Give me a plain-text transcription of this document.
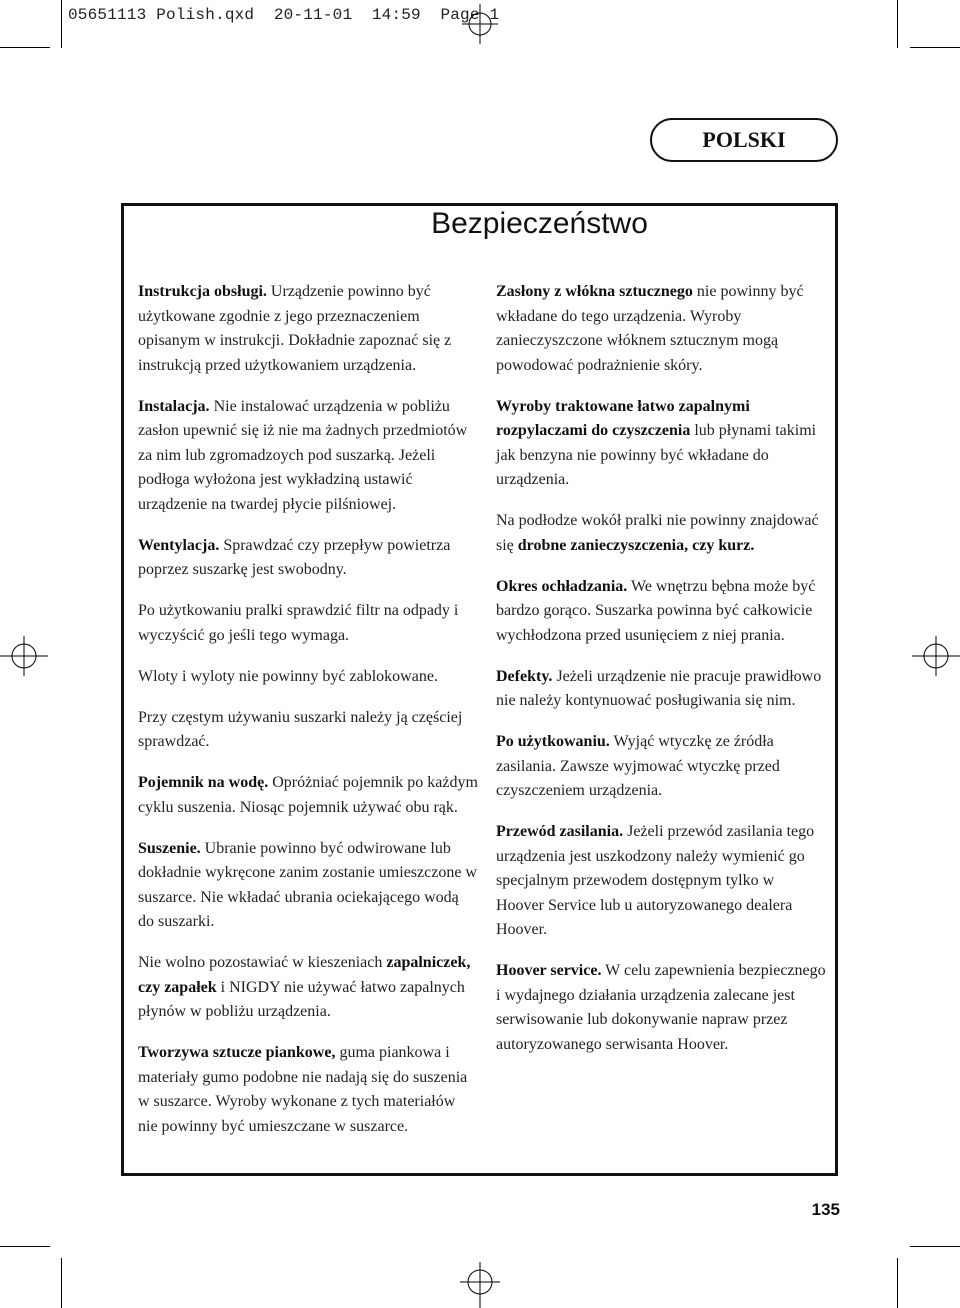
05651113 Polish.qxd  20-11-01  14:59  Page 1
POLSKI
Bezpieczeństwo

Instrukcja obsługi. Urządzenie powinno być użytkowane zgodnie z jego przeznaczeniem opisanym w instrukcji. Dokładnie zapoznać się z instrukcją przed użytkowaniem urządzenia.

Instalacja. Nie instalować urządzenia w pobliżu zasłon upewnić się iż nie ma żadnych przedmiotów za nim lub zgromadzoych pod suszarką. Jeżeli podłoga wyłożona jest wykładziną ustawić urządzenie na twardej płycie pilśniowej.

Wentylacja. Sprawdzać czy przepływ powietrza poprzez suszarkę jest swobodny.

Po użytkowaniu pralki sprawdzić filtr na odpady i wyczyścić go jeśli tego wymaga.

Wloty i wyloty nie powinny być zablokowane.

Przy częstym używaniu suszarki należy ją częściej sprawdzać.

Pojemnik na wodę. Opróżniać pojemnik po każdym cyklu suszenia. Niosąc pojemnik używać obu rąk.

Suszenie. Ubranie powinno być odwirowane lub dokładnie wykręcone zanim zostanie umieszczone w suszarce. Nie wkładać ubrania ociekającego wodą do suszarki.

Nie wolno pozostawiać w kieszeniach zapalniczek, czy zapałek i NIGDY nie używać łatwo zapalnych płynów w pobliżu urządzenia.

Tworzywa sztucze piankowe, guma piankowa i materiały gumo podobne nie nadają się do suszenia w suszarce. Wyroby wykonane z tych materiałów nie powinny być umieszczane w suszarce.

Zasłony z włókna sztucznego nie powinny być wkładane do tego urządzenia. Wyroby zanieczyszczone włóknem sztucznym mogą powodować podrażnienie skóry.

Wyroby traktowane łatwo zapalnymi rozpylaczami do czyszczenia lub płynami takimi jak benzyna nie powinny być wkładane do urządzenia.

Na podłodze wokół pralki nie powinny znajdować się drobne zanieczyszczenia, czy kurz.

Okres ochładzania. We wnętrzu bębna może być bardzo gorąco. Suszarka powinna być całkowicie wychłodzona przed usunięciem z niej prania.

Defekty. Jeżeli urządzenie nie pracuje prawidłowo nie należy kontynuować posługiwania się nim.

Po użytkowaniu. Wyjąć wtyczkę ze źródła zasilania. Zawsze wyjmować wtyczkę przed czyszczeniem urządzenia.

Przewód zasilania. Jeżeli przewód zasilania tego urządzenia jest uszkodzony należy wymienić go specjalnym przewodem dostępnym tylko w Hoover Service lub u autoryzowanego dealera Hoover.

Hoover service. W celu zapewnienia bezpiecznego i wydajnego działania urządzenia zalecane jest serwisowanie lub dokonywanie napraw przez autoryzowanego serwisanta Hoover.

135
